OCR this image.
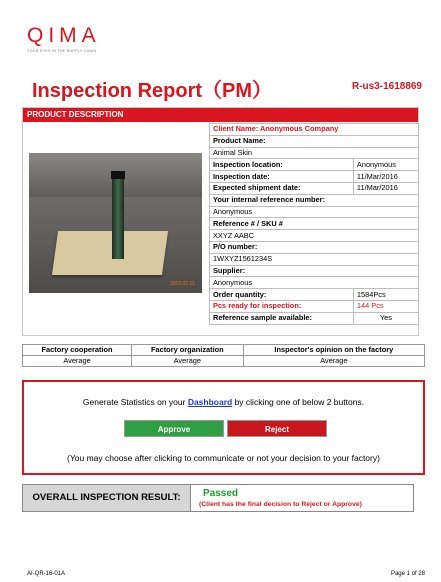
QIMA
YOUR EYES IN THE SUPPLY CHAIN
Inspection Report（PM）	R-us3-1618869
PRODUCT DESCRIPTION
2016.03.11
Client Name: Anonymous Company	
Product Name:	
Animal Skin	
Inspection location:	Anonymous
Inspection date:	11/Mar/2016
Expected shipment date:	11/Mar/2016
Your internal reference number:	
Anonymous	
Reference # / SKU #	
XXYZ AABC	
P/O number:	
1WXYZ1561234S	
Supplier:	
Anonymous	
Order quantity:	1584Pcs
Pcs ready for inspection:	144 Pcs
Reference sample available:	Yes
Factory cooperation	Factory organization	Inspector's opinion on the factory
Average	Average	Average
Generate Statistics on your Dashboard by clicking one of below 2 buttons.
Approve	Reject
(You may choose after clicking to communicate or not your decision to your factory)
OVERALL INSPECTION RESULT:	Passed
(Client has the final decision to Reject or Approve)
AI-QR-16-01A	Page 1 of 28
